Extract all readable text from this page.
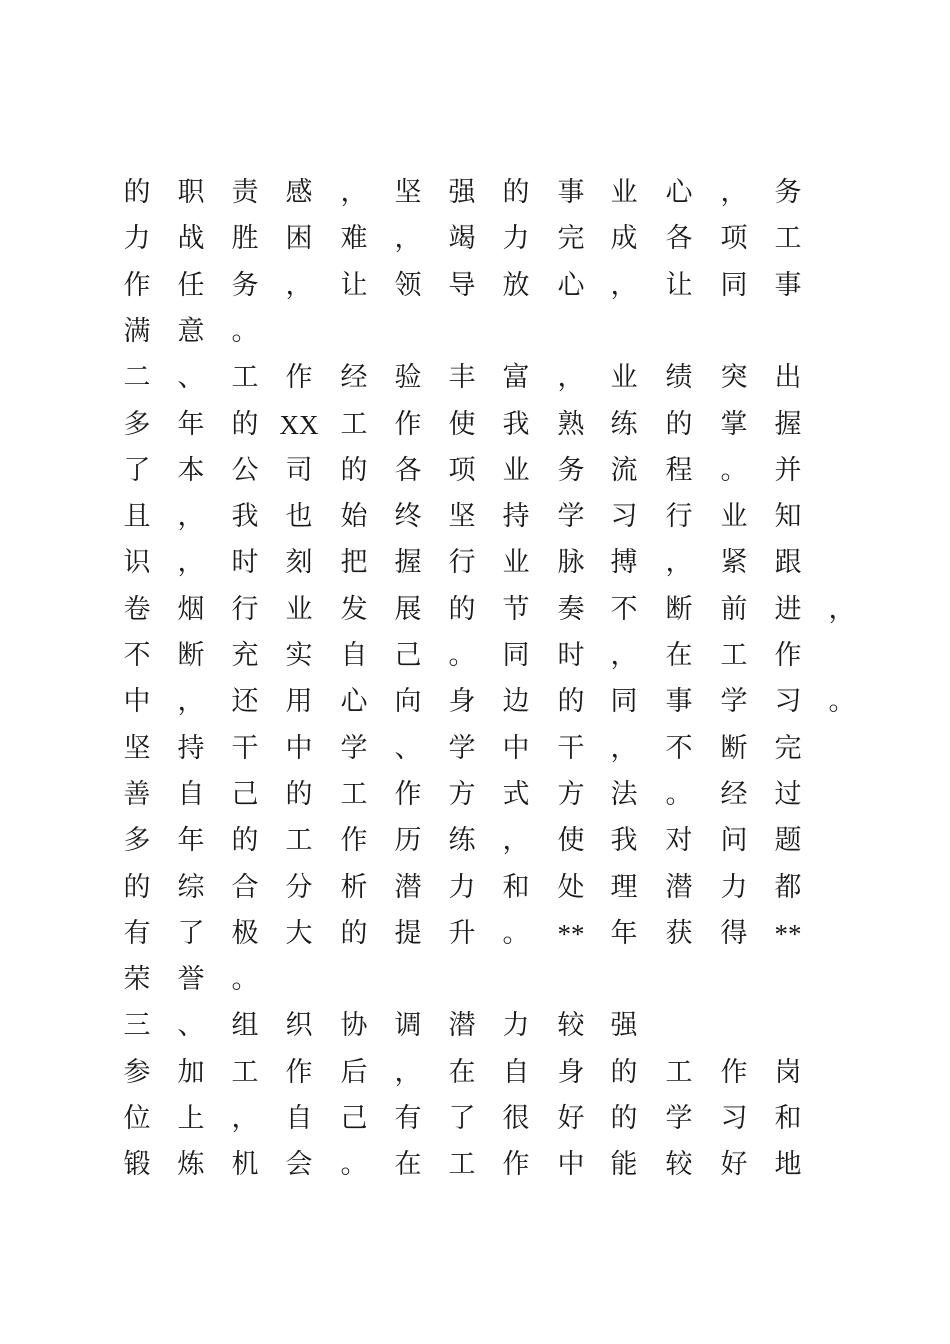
的	职	责	感	，	坚	强	的	事 业	心	，	务
力	战	胜	困	难	，	竭	力	完 成	各	项	工
作	任	务	，	让	领	导	放	心 ，	让	同	事
满	意	。
二	、	工	作	经	验	丰	富	， 业	绩	突	出
多	年	的 XX 工	作	使	我	熟 练	的	掌	握
了	本	公	司	的	各	项	业	务 流	程	。	并
且	，	我	也	始	终	坚	持	学 习	行	业	知
识	，	时	刻	把	握	行	业	脉 搏	，	紧	跟
卷	烟	行	业	发	展	的	节	奏 不	断	前	进	，
不	断	充	实	自	己	。	同	时 ，	在	工	作
中	，	还	用	心	向	身	边	的 同	事	学	习	。
坚	持	干	中	学	、	学	中	干 ，	不	断	完
善	自	己	的	工	作	方	式	方 法	。	经	过
多	年	的	工	作	历	练	，	使 我	对	问	题
的	综	合	分	析	潜	力	和	处 理	潜	力	都
有	了	极	大	的	提	升	。	** 年	获	得	**
荣	誉	。
三	、	组	织	协	调	潜	力	较 强
参	加	工	作	后	，	在	自	身 的	工	作	岗
位	上	，	自	己	有	了	很	好 的	学	习	和
锻	炼	机	会	。	在	工	作	中 能	较	好	地
